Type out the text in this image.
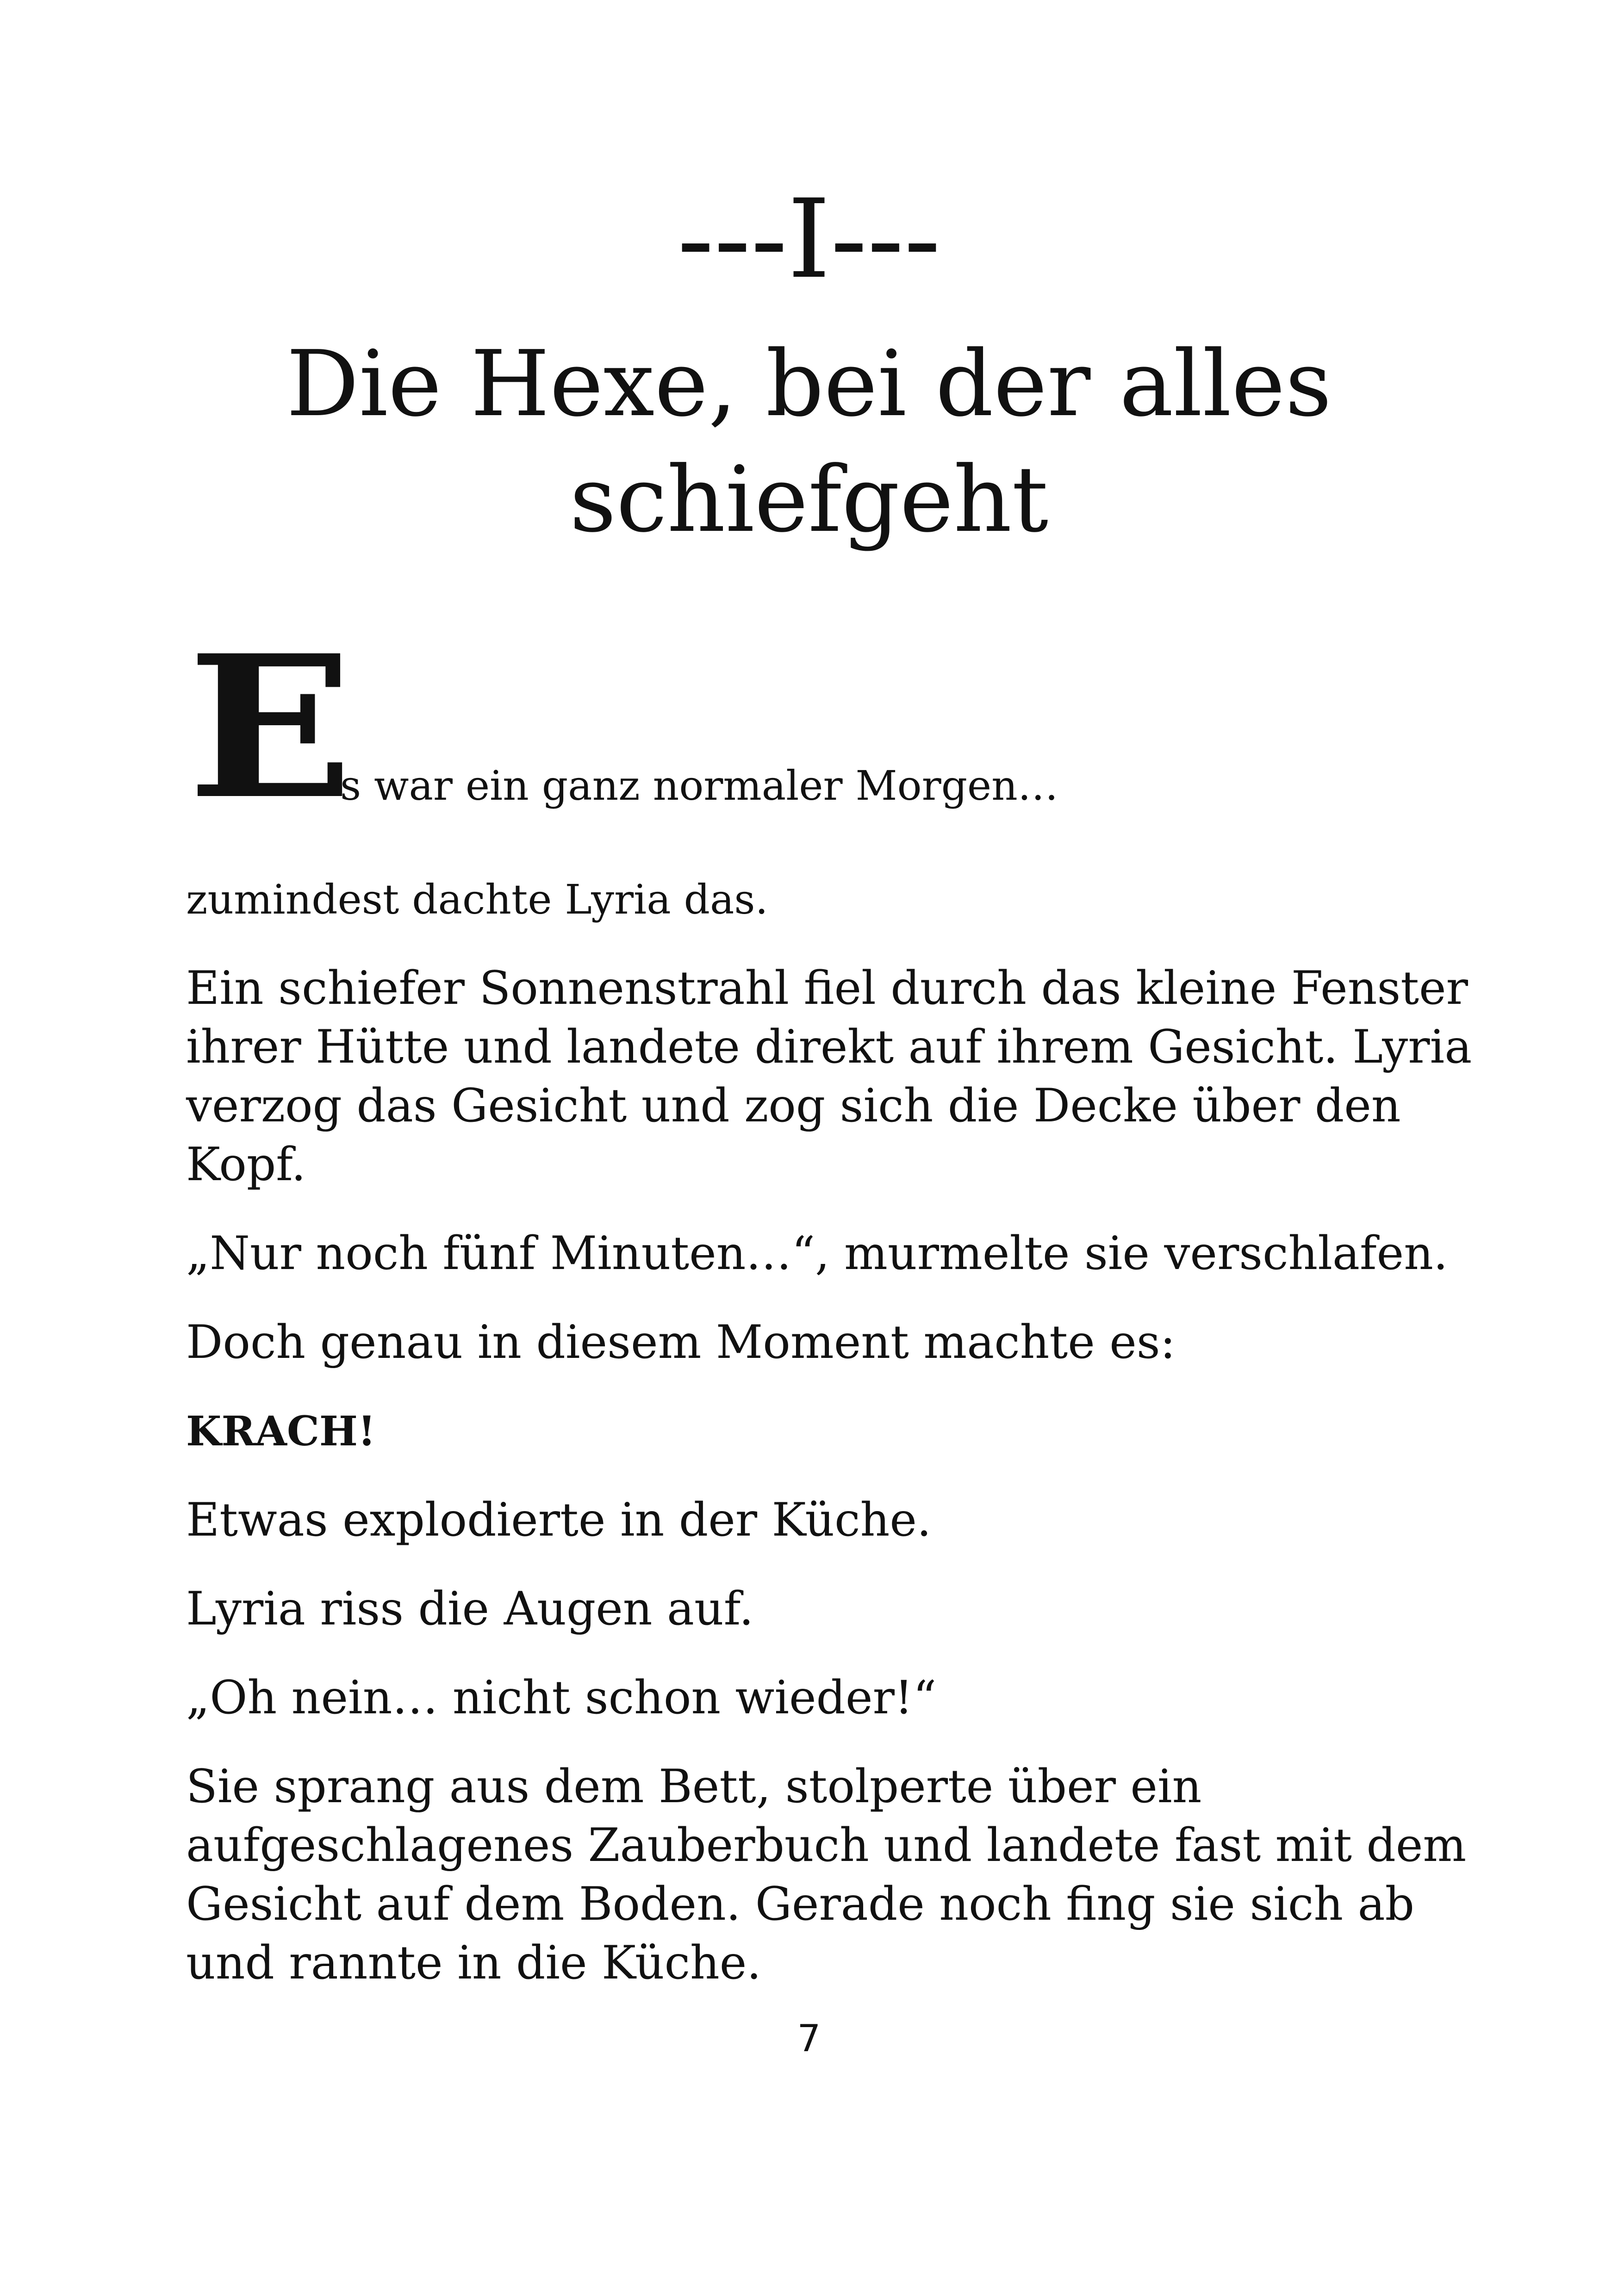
---I---
Die Hexe, bei der alles
schiefgeht
E
s war ein ganz normaler Morgen…

zumindest dachte Lyria das.

Ein schiefer Sonnenstrahl fiel durch das kleine Fenster ihrer Hütte und landete direkt auf ihrem Gesicht. Lyria verzog das Gesicht und zog sich die Decke über den Kopf.

„Nur noch fünf Minuten…“, murmelte sie verschlafen.

Doch genau in diesem Moment machte es:

KRACH!

Etwas explodierte in der Küche.

Lyria riss die Augen auf.

„Oh nein… nicht schon wieder!“

Sie sprang aus dem Bett, stolperte über ein aufgeschlagenes Zauberbuch und landete fast mit dem Gesicht auf dem Boden. Gerade noch fing sie sich ab und rannte in die Küche.

7
